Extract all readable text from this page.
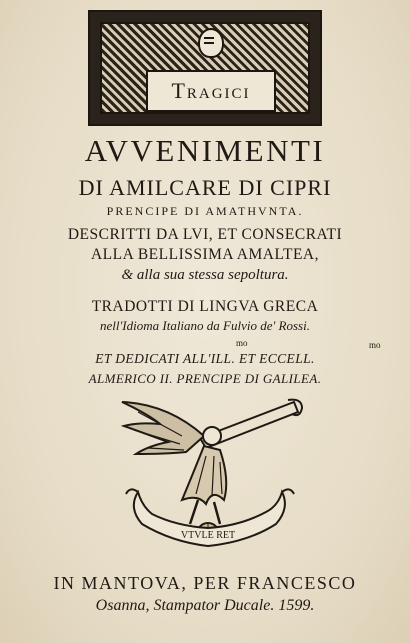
Tragici
AVVENIMENTI
DI AMILCARE DI CIPRI
PRENCIPE DI AMATHVNTA.
DESCRITTI DA LVI, ET CONSECRATI
ALLA BELLISSIMA AMALTEA,
& alla sua stessa sepoltura.
TRADOTTI DI LINGVA GRECA
nell'Idioma Italiano da Fulvio de' Rossi.
mo	mo
ET DEDICATI ALL'ILL. ET ECCELL.
ALMERICO II. PRENCIPE DI GALILEA.
VTVLE RET
IN MANTOVA, PER FRANCESCO
Osanna, Stampator Ducale. 1599.
